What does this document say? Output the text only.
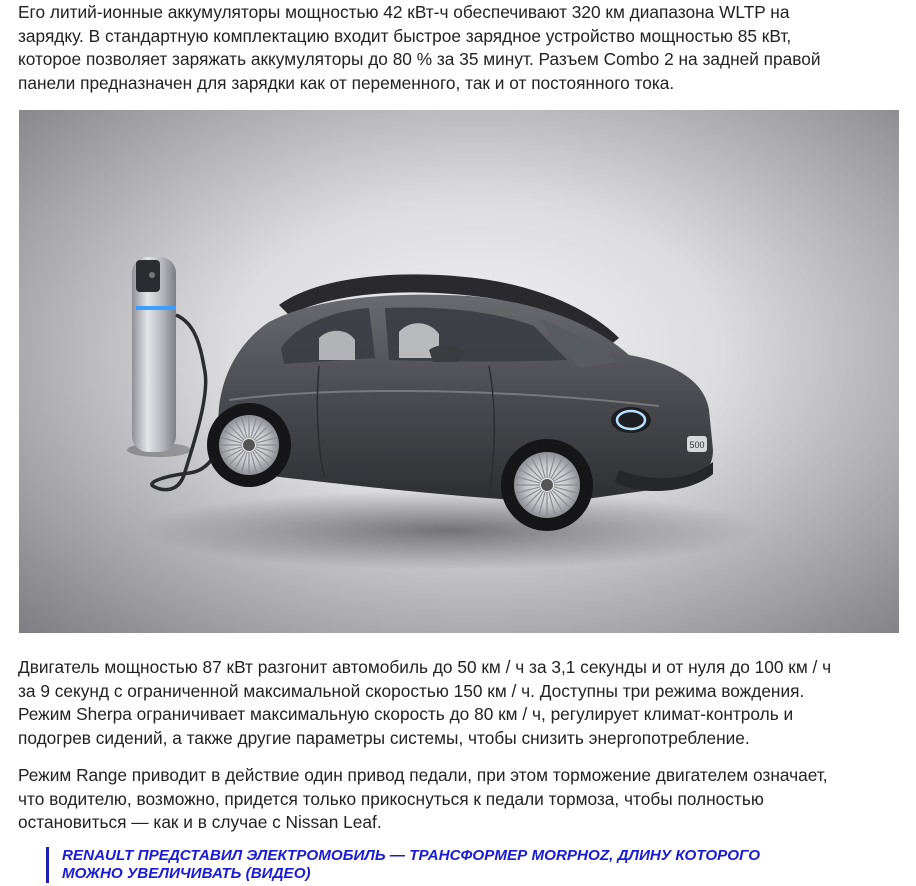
Его литий-ионные аккумуляторы мощностью 42 кВт-ч обеспечивают 320 км диапазона WLTP на
зарядку. В стандартную комплектацию входит быстрое зарядное устройство мощностью 85 кВт,
которое позволяет заряжать аккумуляторы до 80 % за 35 минут. Разъем Combo 2 на задней правой
панели предназначен для зарядки как от переменного, так и от постоянного тока.

500

Двигатель мощностью 87 кВт разгонит автомобиль до 50 км / ч за 3,1 секунды и от нуля до 100 км / ч
за 9 секунд с ограниченной максимальной скоростью 150 км / ч. Доступны три режима вождения.
Режим Sherpa ограничивает максимальную скорость до 80 км / ч, регулирует климат-контроль и
подогрев сидений, а также другие параметры системы, чтобы снизить энергопотребление.

Режим Range приводит в действие один привод педали, при этом торможение двигателем означает,
что водителю, возможно, придется только прикоснуться к педали тормоза, чтобы полностью
остановиться — как и в случае с Nissan Leaf.

RENAULT ПРЕДСТАВИЛ ЭЛЕКТРОМОБИЛЬ — ТРАНСФОРМЕР MORPHOZ, ДЛИНУ КОТОРОГО
МОЖНО УВЕЛИЧИВАТЬ (ВИДЕО)
